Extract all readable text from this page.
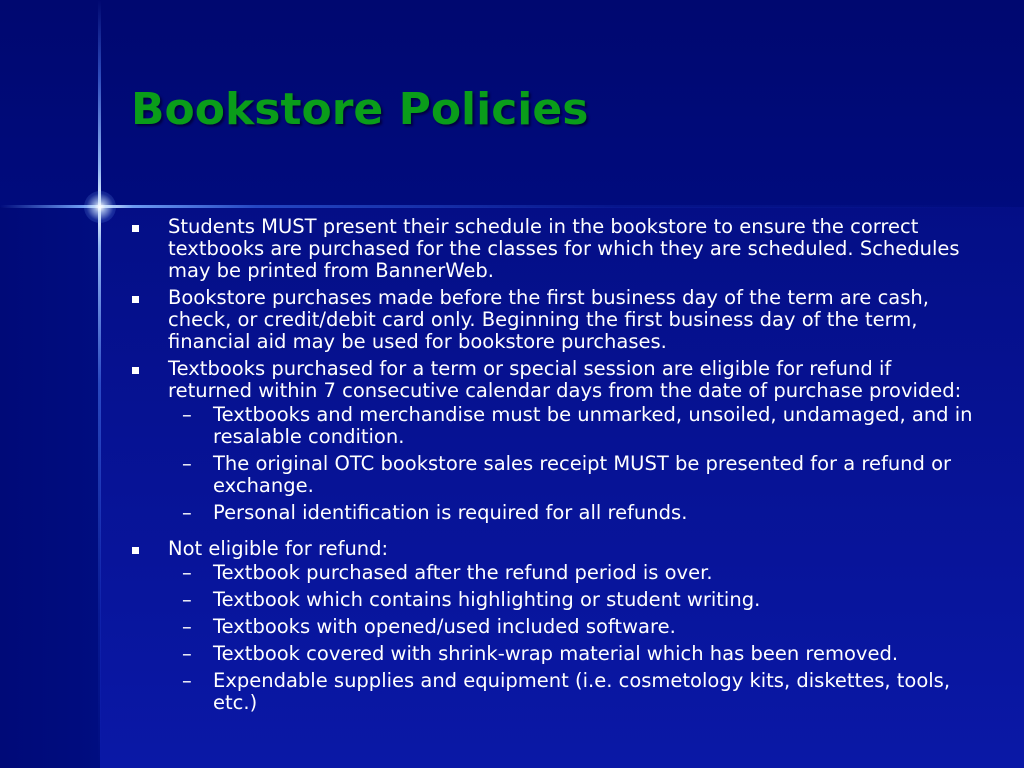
Bookstore Policies
Students MUST present their schedule in the bookstore to ensure the correct textbooks are purchased for the classes for which they are scheduled. Schedules may be printed from BannerWeb.
Bookstore purchases made before the first business day of the term are cash, check, or credit/debit card only. Beginning the first business day of the term, financial aid may be used for bookstore purchases.
Textbooks purchased for a term or special session are eligible for refund if returned within 7 consecutive calendar days from the date of purchase provided:
– Textbooks and merchandise must be unmarked, unsoiled, undamaged, and in resalable condition.
– The original OTC bookstore sales receipt MUST be presented for a refund or exchange.
– Personal identification is required for all refunds.
Not eligible for refund:
– Textbook purchased after the refund period is over.
– Textbook which contains highlighting or student writing.
– Textbooks with opened/used included software.
– Textbook covered with shrink-wrap material which has been removed.
– Expendable supplies and equipment (i.e. cosmetology kits, diskettes, tools, etc.)
